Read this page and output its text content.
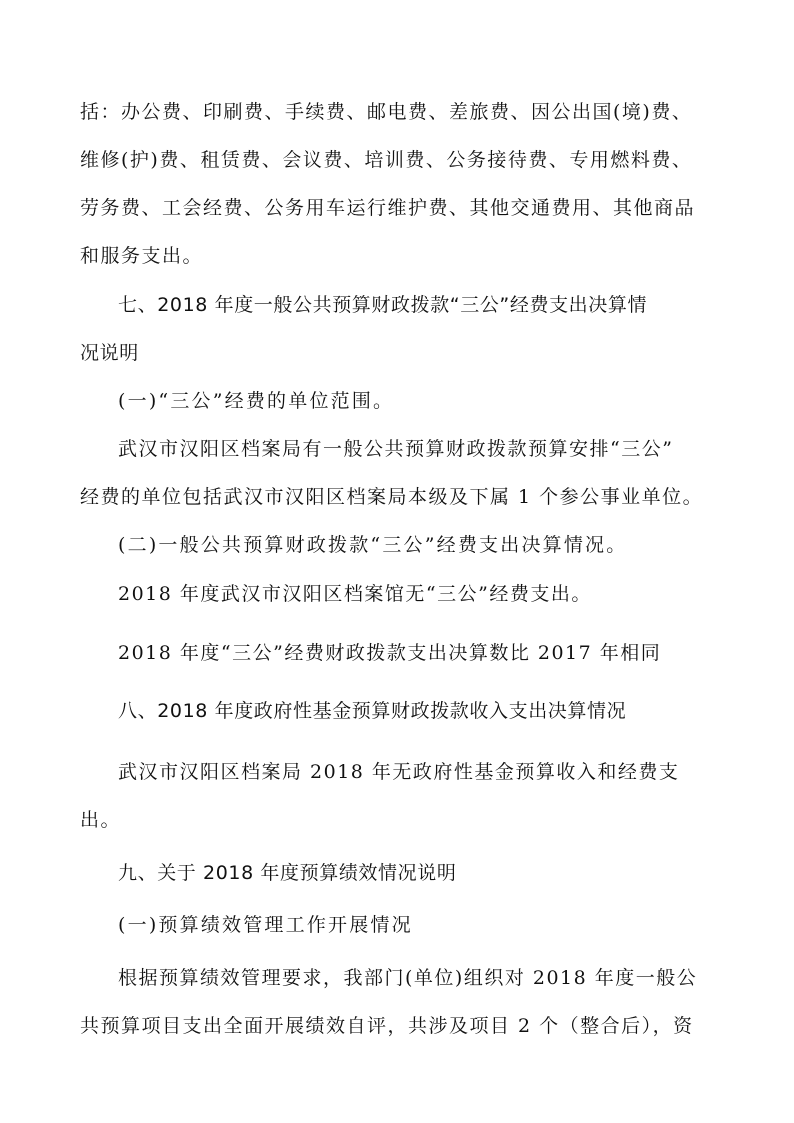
括：办公费、印刷费、手续费、邮电费、差旅费、因公出国(境)费、
维修(护)费、租赁费、会议费、培训费、公务接待费、专用燃料费、
劳务费、工会经费、公务用车运行维护费、其他交通费用、其他商品
和服务支出。
七、2018 年度一般公共预算财政拨款“三公”经费支出决算情
况说明
(一)“三公”经费的单位范围。
武汉市汉阳区档案局有一般公共预算财政拨款预算安排“三公”
经费的单位包括武汉市汉阳区档案局本级及下属 1 个参公事业单位。
(二)一般公共预算财政拨款“三公”经费支出决算情况。
2018 年度武汉市汉阳区档案馆无“三公”经费支出。
2018 年度“三公”经费财政拨款支出决算数比 2017 年相同
八、2018 年度政府性基金预算财政拨款收入支出决算情况
武汉市汉阳区档案局 2018 年无政府性基金预算收入和经费支
出。
九、关于 2018 年度预算绩效情况说明
(一)预算绩效管理工作开展情况
根据预算绩效管理要求，我部门(单位)组织对 2018 年度一般公
共预算项目支出全面开展绩效自评，共涉及项目 2 个（整合后），资
